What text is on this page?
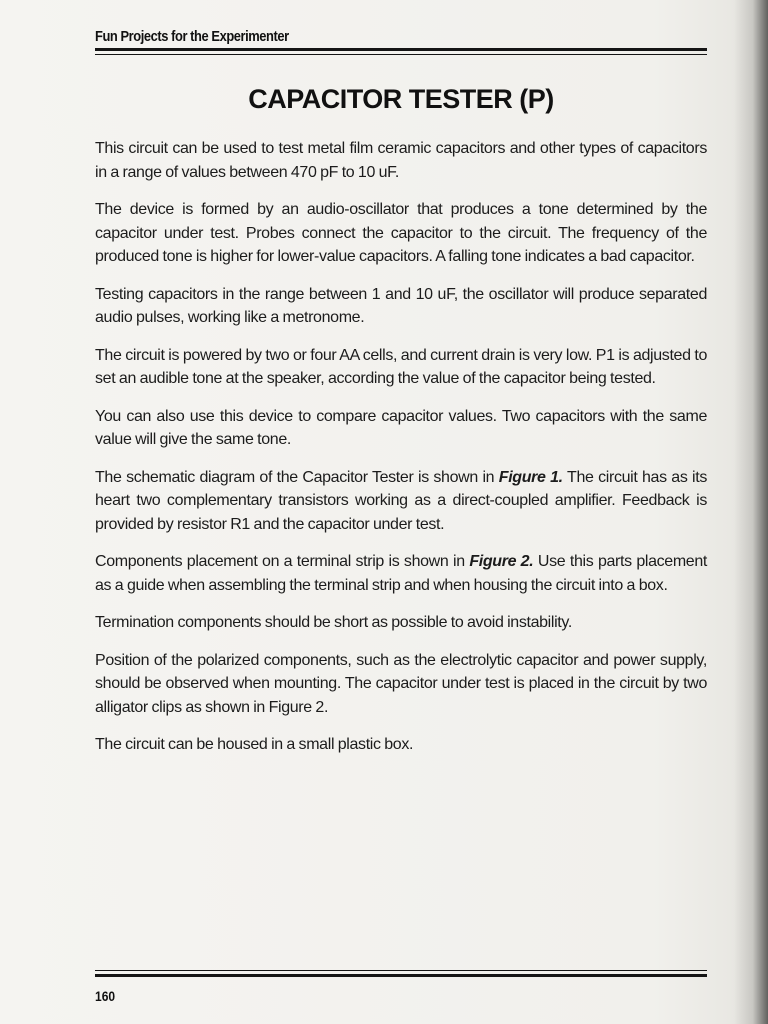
Fun Projects for the Experimenter
CAPACITOR TESTER (P)

This circuit can be used to test metal film ceramic capacitors and other types of capacitors in a range of values between 470 pF to 10 uF.

The device is formed by an audio-oscillator that produces a tone determined by the capacitor under test. Probes connect the capacitor to the circuit. The frequency of the produced tone is higher for lower-value capacitors. A falling tone indicates a bad capacitor.

Testing capacitors in the range between 1 and 10 uF, the oscillator will produce separated audio pulses, working like a metronome.

The circuit is powered by two or four AA cells, and current drain is very low. P1 is adjusted to set an audible tone at the speaker, according the value of the capacitor being tested.

You can also use this device to compare capacitor values. Two capacitors with the same value will give the same tone.

The schematic diagram of the Capacitor Tester is shown in Figure 1. The circuit has as its heart two complementary transistors working as a direct-coupled amplifier. Feedback is provided by resistor R1 and the capacitor under test.

Components placement on a terminal strip is shown in Figure 2. Use this parts placement as a guide when assembling the terminal strip and when housing the circuit into a box.

Termination components should be short as possible to avoid instability.

Position of the polarized components, such as the electrolytic capacitor and power supply, should be observed when mounting. The capacitor under test is placed in the circuit by two alligator clips as shown in Figure 2.

The circuit can be housed in a small plastic box.

160
